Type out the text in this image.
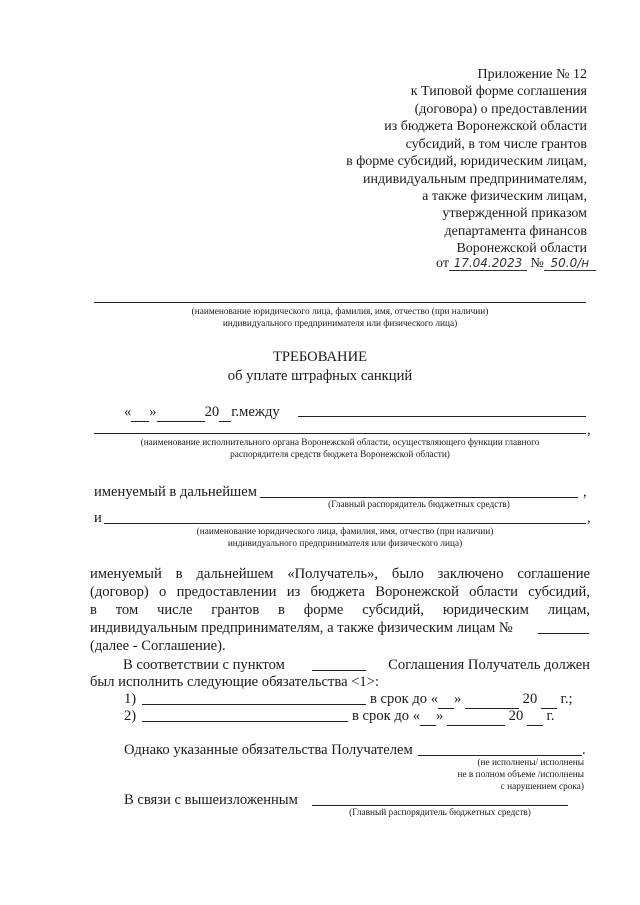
Приложение № 12
к Типовой форме соглашения
(договора) о предоставлении
из бюджета Воронежской области
субсидий, в том числе грантов
в форме субсидий, юридическим лицам,
индивидуальным предпринимателям,
а также физическим лицам,
утвержденной приказом
департамента финансов
Воронежской области
от 17.04.2023 № 50.0/н
(наименование юридического лица, фамилия, имя, отчество (при наличии)
индивидуального предпринимателя или физического лица)
ТРЕБОВАНИЕ
об уплате штрафных санкций
« »	20 г.между
,
(наименование исполнительного органа Воронежской области, осуществляющего функции главного
распорядителя средств бюджета Воронежской области)
именуемый в дальнейшем	,
(Главный распорядитель бюджетных средств)
и	,
(наименование юридического лица, фамилия, имя, отчество (при наличии)
индивидуального предпринимателя или физического лица)
именуемый в дальнейшем «Получатель», было заключено соглашение
(договор) о предоставлении из бюджета Воронежской области субсидий,
в том числе грантов в форме субсидий, юридическим лицам,
индивидуальным предпринимателям, а также физическим лицам №
(далее - Соглашение).
В соответствии с пунктом	Соглашения Получатель должен
был исполнить следующие обязательства <1>:
1)	в срок до « »	20 г.;
2)	в срок до « »	20 г.
Однако указанные обязательства Получателем	.
(не исполнены/ исполнены
не в полном объеме /исполнены
с нарушением срока)
В связи с вышеизложенным
(Главный распорядитель бюджетных средств)
